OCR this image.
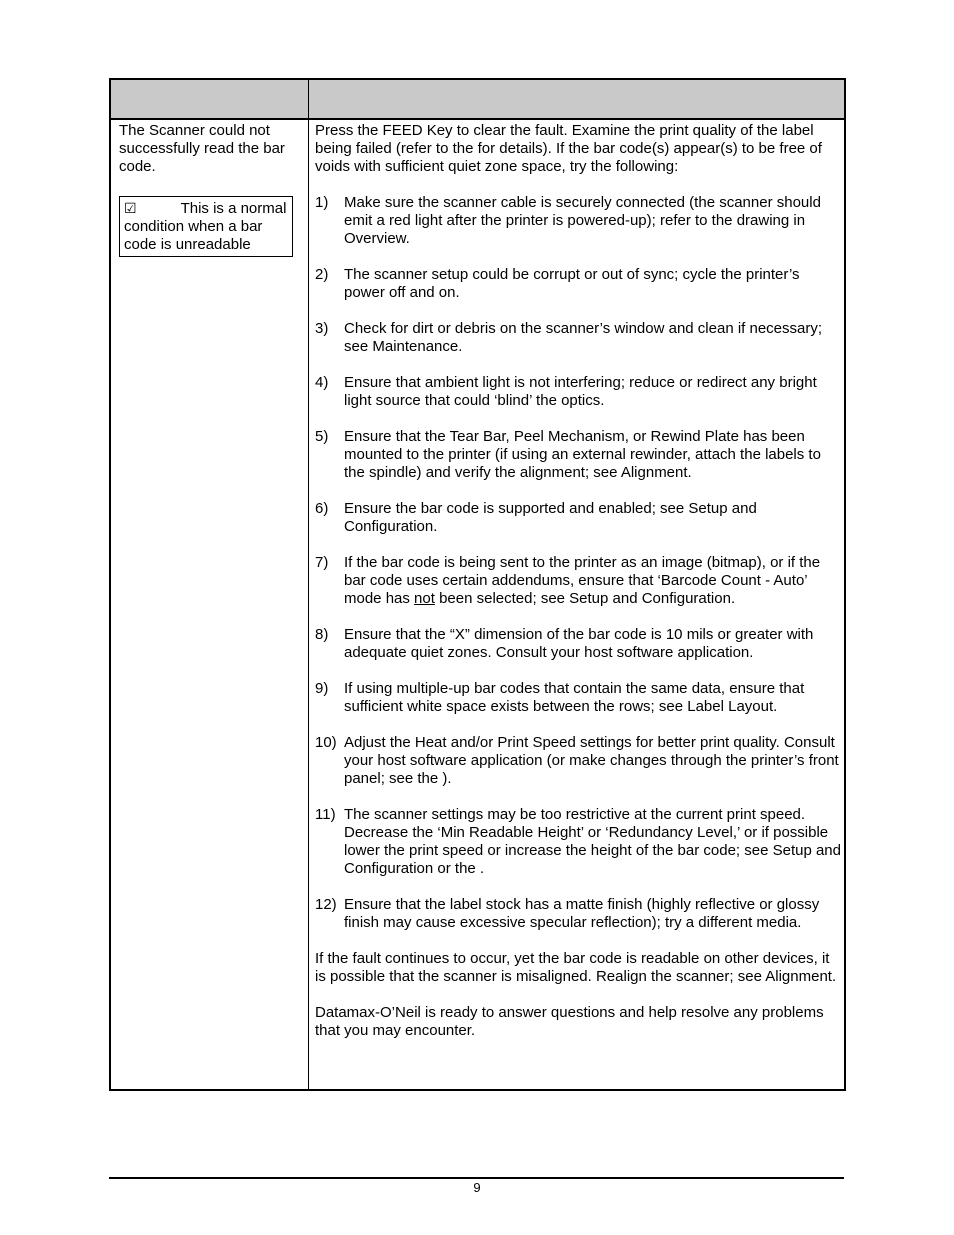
The Scanner could not successfully read the bar code.
☑	This is a normal condition when a bar code is unreadable

Press the FEED Key to clear the fault. Examine the print quality of the label being failed (refer to the for details). If the bar code(s) appear(s) to be free of voids with sufficient quiet zone space, try the following:

1)	Make sure the scanner cable is securely connected (the scanner should emit a red light after the printer is powered-up); refer to the drawing in Overview.
2)	The scanner setup could be corrupt or out of sync; cycle the printer’s power off and on.
3)	Check for dirt or debris on the scanner’s window and clean if necessary; see Maintenance.
4)	Ensure that ambient light is not interfering; reduce or redirect any bright light source that could ‘blind’ the optics.
5)	Ensure that the Tear Bar, Peel Mechanism, or Rewind Plate has been mounted to the printer (if using an external rewinder, attach the labels to the spindle) and verify the alignment; see Alignment.
6)	Ensure the bar code is supported and enabled; see Setup and Configuration.
7)	If the bar code is being sent to the printer as an image (bitmap), or if the bar code uses certain addendums, ensure that ‘Barcode Count - Auto’ mode has not been selected; see Setup and Configuration.
8)	Ensure that the “X” dimension of the bar code is 10 mils or greater with adequate quiet zones. Consult your host software application.
9)	If using multiple-up bar codes that contain the same data, ensure that sufficient white space exists between the rows; see Label Layout.
10) Adjust the Heat and/or Print Speed settings for better print quality. Consult your host software application (or make changes through the printer’s front panel; see the ).
11) The scanner settings may be too restrictive at the current print speed. Decrease the ‘Min Readable Height’ or ‘Redundancy Level,’ or if possible lower the print speed or increase the height of the bar code; see Setup and Configuration or the .
12) Ensure that the label stock has a matte finish (highly reflective or glossy finish may cause excessive specular reflection); try a different media.

If the fault continues to occur, yet the bar code is readable on other devices, it is possible that the scanner is misaligned. Realign the scanner; see Alignment.

Datamax-O’Neil is ready to answer questions and help resolve any problems that you may encounter.

9
